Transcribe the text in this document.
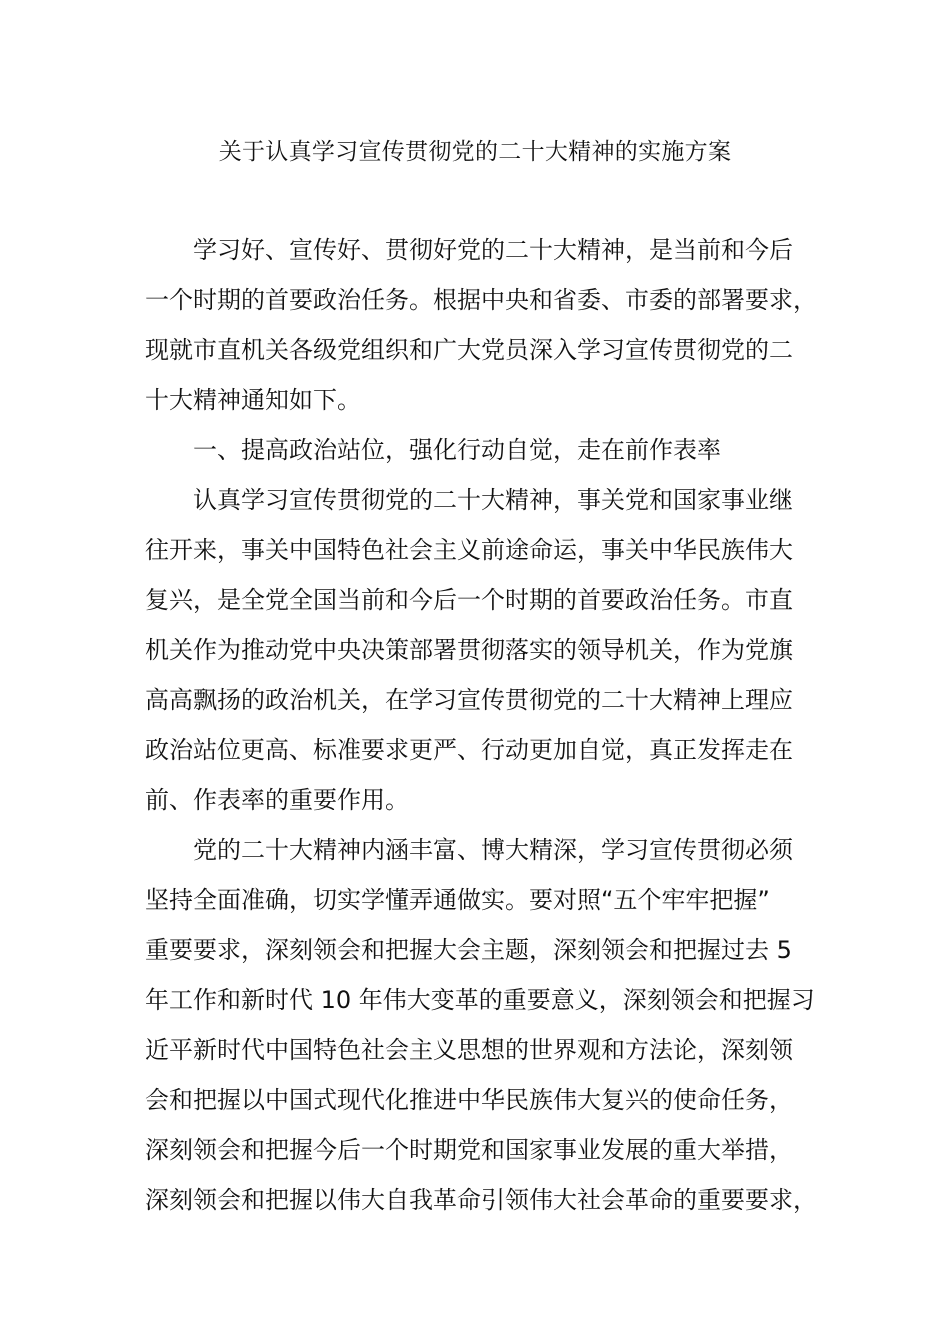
关于认真学习宣传贯彻党的二十大精神的实施方案

学习好、宣传好、贯彻好党的二十大精神，是当前和今后

一个时期的首要政治任务。根据中央和省委、市委的部署要求，

现就市直机关各级党组织和广大党员深入学习宣传贯彻党的二

十大精神通知如下。

一、提高政治站位，强化行动自觉，走在前作表率

认真学习宣传贯彻党的二十大精神，事关党和国家事业继

往开来，事关中国特色社会主义前途命运，事关中华民族伟大

复兴，是全党全国当前和今后一个时期的首要政治任务。市直

机关作为推动党中央决策部署贯彻落实的领导机关，作为党旗

高高飘扬的政治机关，在学习宣传贯彻党的二十大精神上理应

政治站位更高、标准要求更严、行动更加自觉，真正发挥走在

前、作表率的重要作用。

党的二十大精神内涵丰富、博大精深，学习宣传贯彻必须

坚持全面准确，切实学懂弄通做实。要对照“五个牢牢把握”

重要要求，深刻领会和把握大会主题，深刻领会和把握过去 5

年工作和新时代 10 年伟大变革的重要意义，深刻领会和把握习

近平新时代中国特色社会主义思想的世界观和方法论，深刻领

会和把握以中国式现代化推进中华民族伟大复兴的使命任务，

深刻领会和把握今后一个时期党和国家事业发展的重大举措，

深刻领会和把握以伟大自我革命引领伟大社会革命的重要要求，
